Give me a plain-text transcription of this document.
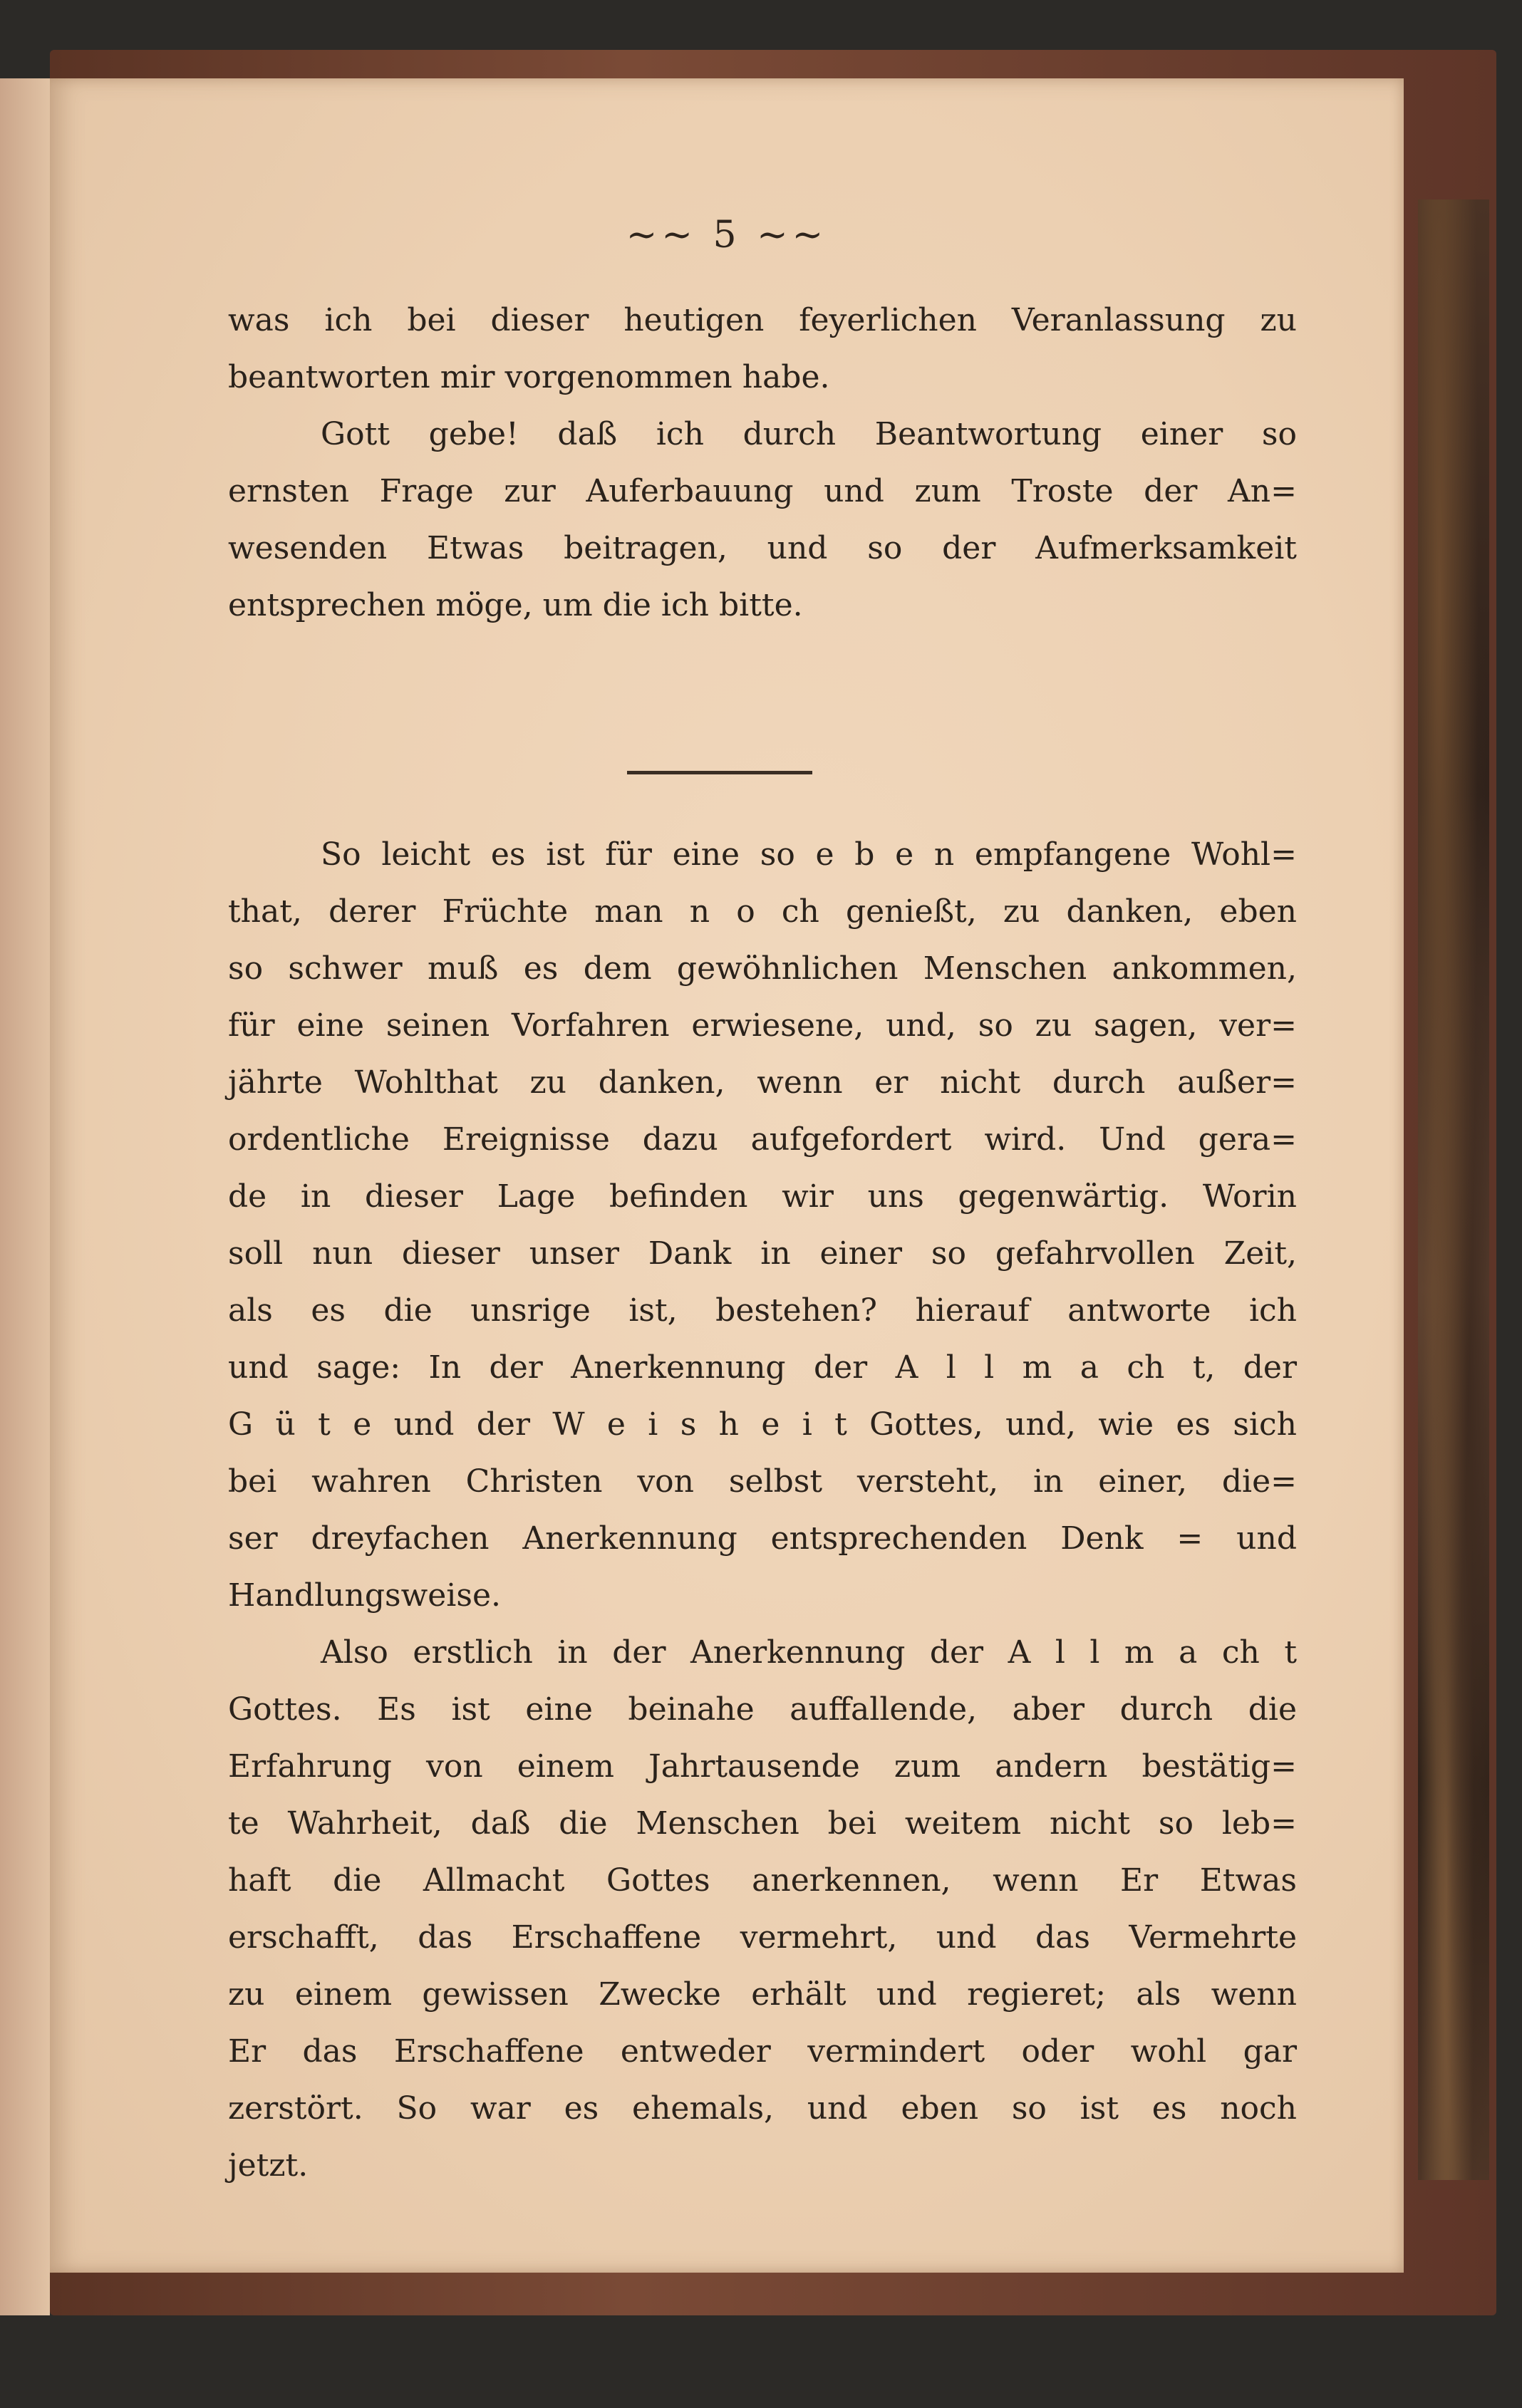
~~ 5 ~~
was ich bei dieser heutigen feyerlichen Veranlassung zu
beantworten mir vorgenommen habe.
Gott gebe! daß ich durch Beantwortung einer so
ernsten Frage zur Auferbauung und zum Troste der An=
wesenden Etwas beitragen, und so der Aufmerksamkeit
entsprechen möge, um die ich bitte.
So leicht es ist für eine so e b e n empfangene Wohl=
that, derer Früchte man n o ch genießt, zu danken, eben
so schwer muß es dem gewöhnlichen Menschen ankommen,
für eine seinen Vorfahren erwiesene, und, so zu sagen, ver=
jährte Wohlthat zu danken, wenn er nicht durch außer=
ordentliche Ereignisse dazu aufgefordert wird. Und gera=
de in dieser Lage befinden wir uns gegenwärtig. Worin
soll nun dieser unser Dank in einer so gefahrvollen Zeit,
als es die unsrige ist, bestehen? hierauf antworte ich
und sage: In der Anerkennung der A l l m a ch t, der
G ü t e und der W e i s h e i t Gottes, und, wie es sich
bei wahren Christen von selbst versteht, in einer, die=
ser dreyfachen Anerkennung entsprechenden Denk = und
Handlungsweise.
Also erstlich in der Anerkennung der A l l m a ch t
Gottes. Es ist eine beinahe auffallende, aber durch die
Erfahrung von einem Jahrtausende zum andern bestätig=
te Wahrheit, daß die Menschen bei weitem nicht so leb=
haft die Allmacht Gottes anerkennen, wenn Er Etwas
erschafft, das Erschaffene vermehrt, und das Vermehrte
zu einem gewissen Zwecke erhält und regieret; als wenn
Er das Erschaffene entweder vermindert oder wohl gar
zerstört. So war es ehemals, und eben so ist es noch
jetzt.
